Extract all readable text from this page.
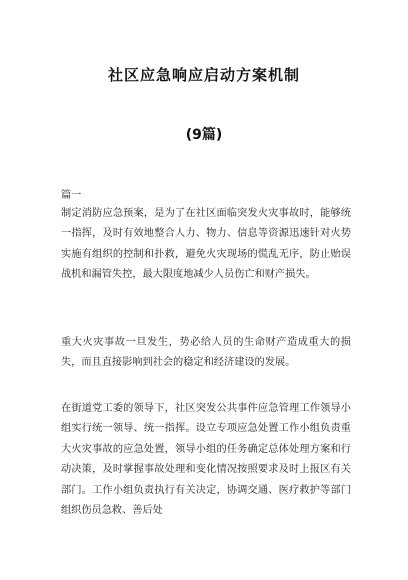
社区应急响应启动方案机制
(9篇)
篇一
制定消防应急预案，是为了在社区面临突发火灾事故时，能够统一指挥，及时有效地整合人力、物力、信息等资源迅速针对火势实施有组织的控制和扑救，避免火灾现场的慌乱无序，防止贻误战机和漏管失控，最大限度地减少人员伤亡和财产损失。
重大火灾事故一旦发生，势必给人员的生命财产造成重大的损失，而且直接影响到社会的稳定和经济建设的发展。
在街道党工委的领导下，社区突发公共事件应急管理工作领导小组实行统一领导、统一指挥。设立专项应急处置工作小组负责重大火灾事故的应急处置，领导小组的任务确定总体处理方案和行动决策，及时掌握事故处理和变化情况按照要求及时上报区有关部门。工作小组负责执行有关决定，协调交通、医疗救护等部门组织伤员急救、善后处
